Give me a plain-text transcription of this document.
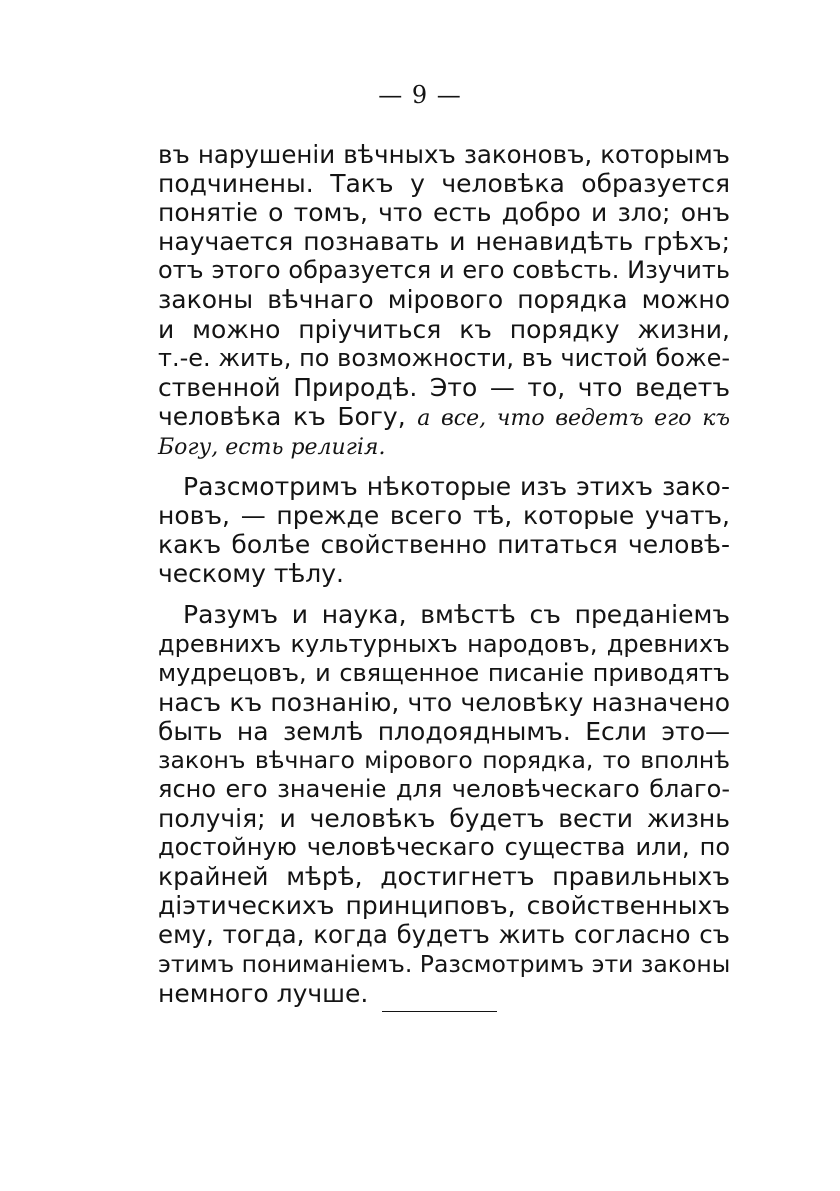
— 9 —
въ нарушенiи вѣчныхъ законовъ, которымъ
подчинены. Такъ у человѣка образуется
понятiе о томъ, что есть добро и зло; онъ
научается познавать и ненавидѣть грѣхъ;
отъ этого образуется и его совѣсть. Изучить
законы вѣчнаго мiрового порядка можно
и можно прiучиться къ порядку жизни,
т.-е. жить, по возможности, въ чистой боже-
ственной Природѣ. Это — то, что ведетъ
человѣка къ Богу, а все, что ведетъ его къ
Богу, есть религiя.
Разсмотримъ нѣкоторые изъ этихъ зако-
новъ, — прежде всего тѣ, которые учатъ,
какъ болѣе свойственно питаться человѣ-
ческому тѣлу.
Разумъ и наука, вмѣстѣ съ преданiемъ
древнихъ культурныхъ народовъ, древнихъ
мудрецовъ, и священное писанiе приводятъ
насъ къ познанiю, что человѣку назначено
быть на землѣ плодояднымъ. Если это—
законъ вѣчнаго мiрового порядка, то вполнѣ
ясно его значенiе для человѣческаго благо-
получiя; и человѣкъ будетъ вести жизнь
достойную человѣческаго существа или, по
крайней мѣрѣ, достигнетъ правильныхъ
дiэтическихъ принциповъ, свойственныхъ
ему, тогда, когда будетъ жить согласно съ
этимъ пониманiемъ. Разсмотримъ эти законы
немного лучше.
